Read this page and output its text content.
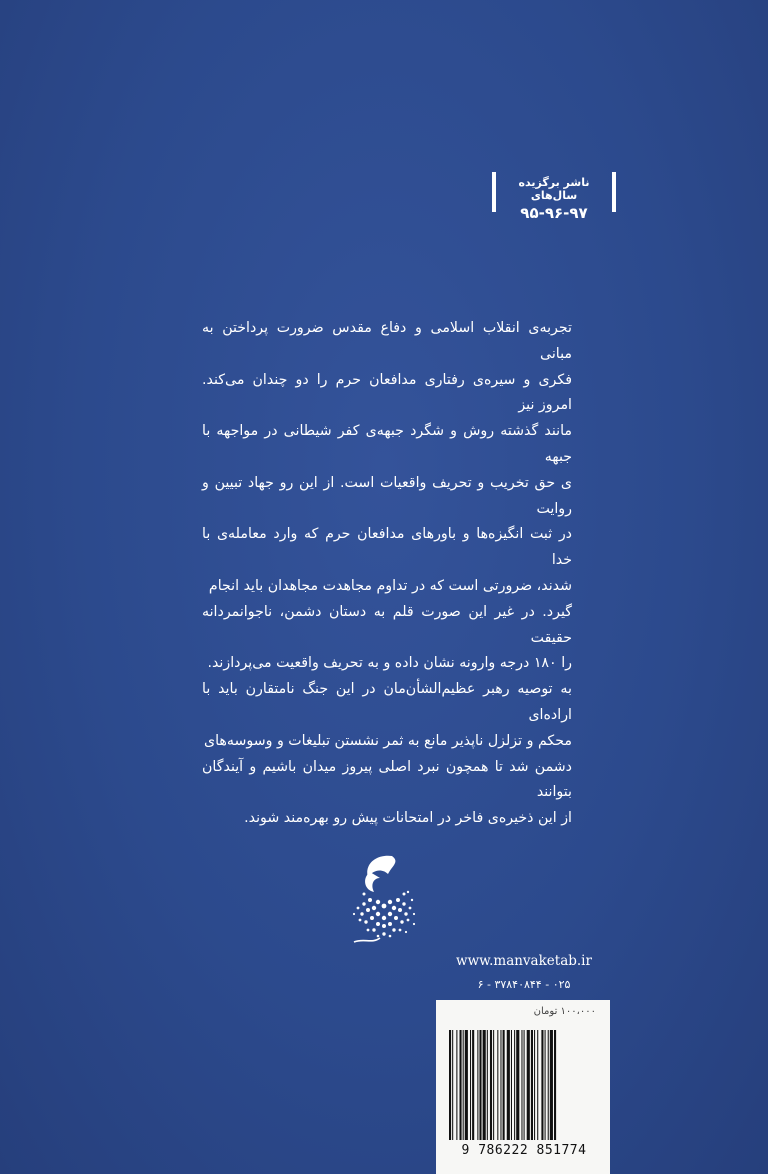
ناشر برگزیده سال‌های
۹۵-۹۶-۹۷
تجربه‌ی انقلاب اسلامی و دفاع مقدس ضرورت پرداختن به مبانی
فکری و سیره‌ی رفتاری مدافعان حرم را دو چندان می‌کند. امروز نیز
مانند گذشته روش و شگرد جبهه‌ی کفر شیطانی در مواجهه با جبهه
ی حق تخریب و تحریف واقعیات است. از این رو جهاد تبیین و روایت
در ثبت انگیزه‌ها و باورهای مدافعان حرم که وارد معامله‌ی با خدا
شدند، ضرورتی است که در تداوم مجاهدت مجاهدان باید انجام
گیرد. در غیر این صورت قلم به دستان دشمن، ناجوانمردانه حقیقت
را ۱۸۰ درجه وارونه نشان داده و به تحریف واقعیت می‌پردازند.
به توصیه رهبر عظیم‌الشأن‌مان در این جنگ نامتقارن باید با اراده‌ای
محکم و تزلزل ناپذیر مانع به ثمر نشستن تبلیغات و وسوسه‌های
دشمن شد تا همچون نبرد اصلی پیروز میدان باشیم و آیندگان بتوانند
از این ذخیره‌ی فاخر در امتحانات پیش رو بهره‌مند شوند.
www.manvaketab.ir
۰۲۵ - ۳۷۸۴۰۸۴۴ - ۶
۱۰۰،۰۰۰ تومان
9 786222 851774
